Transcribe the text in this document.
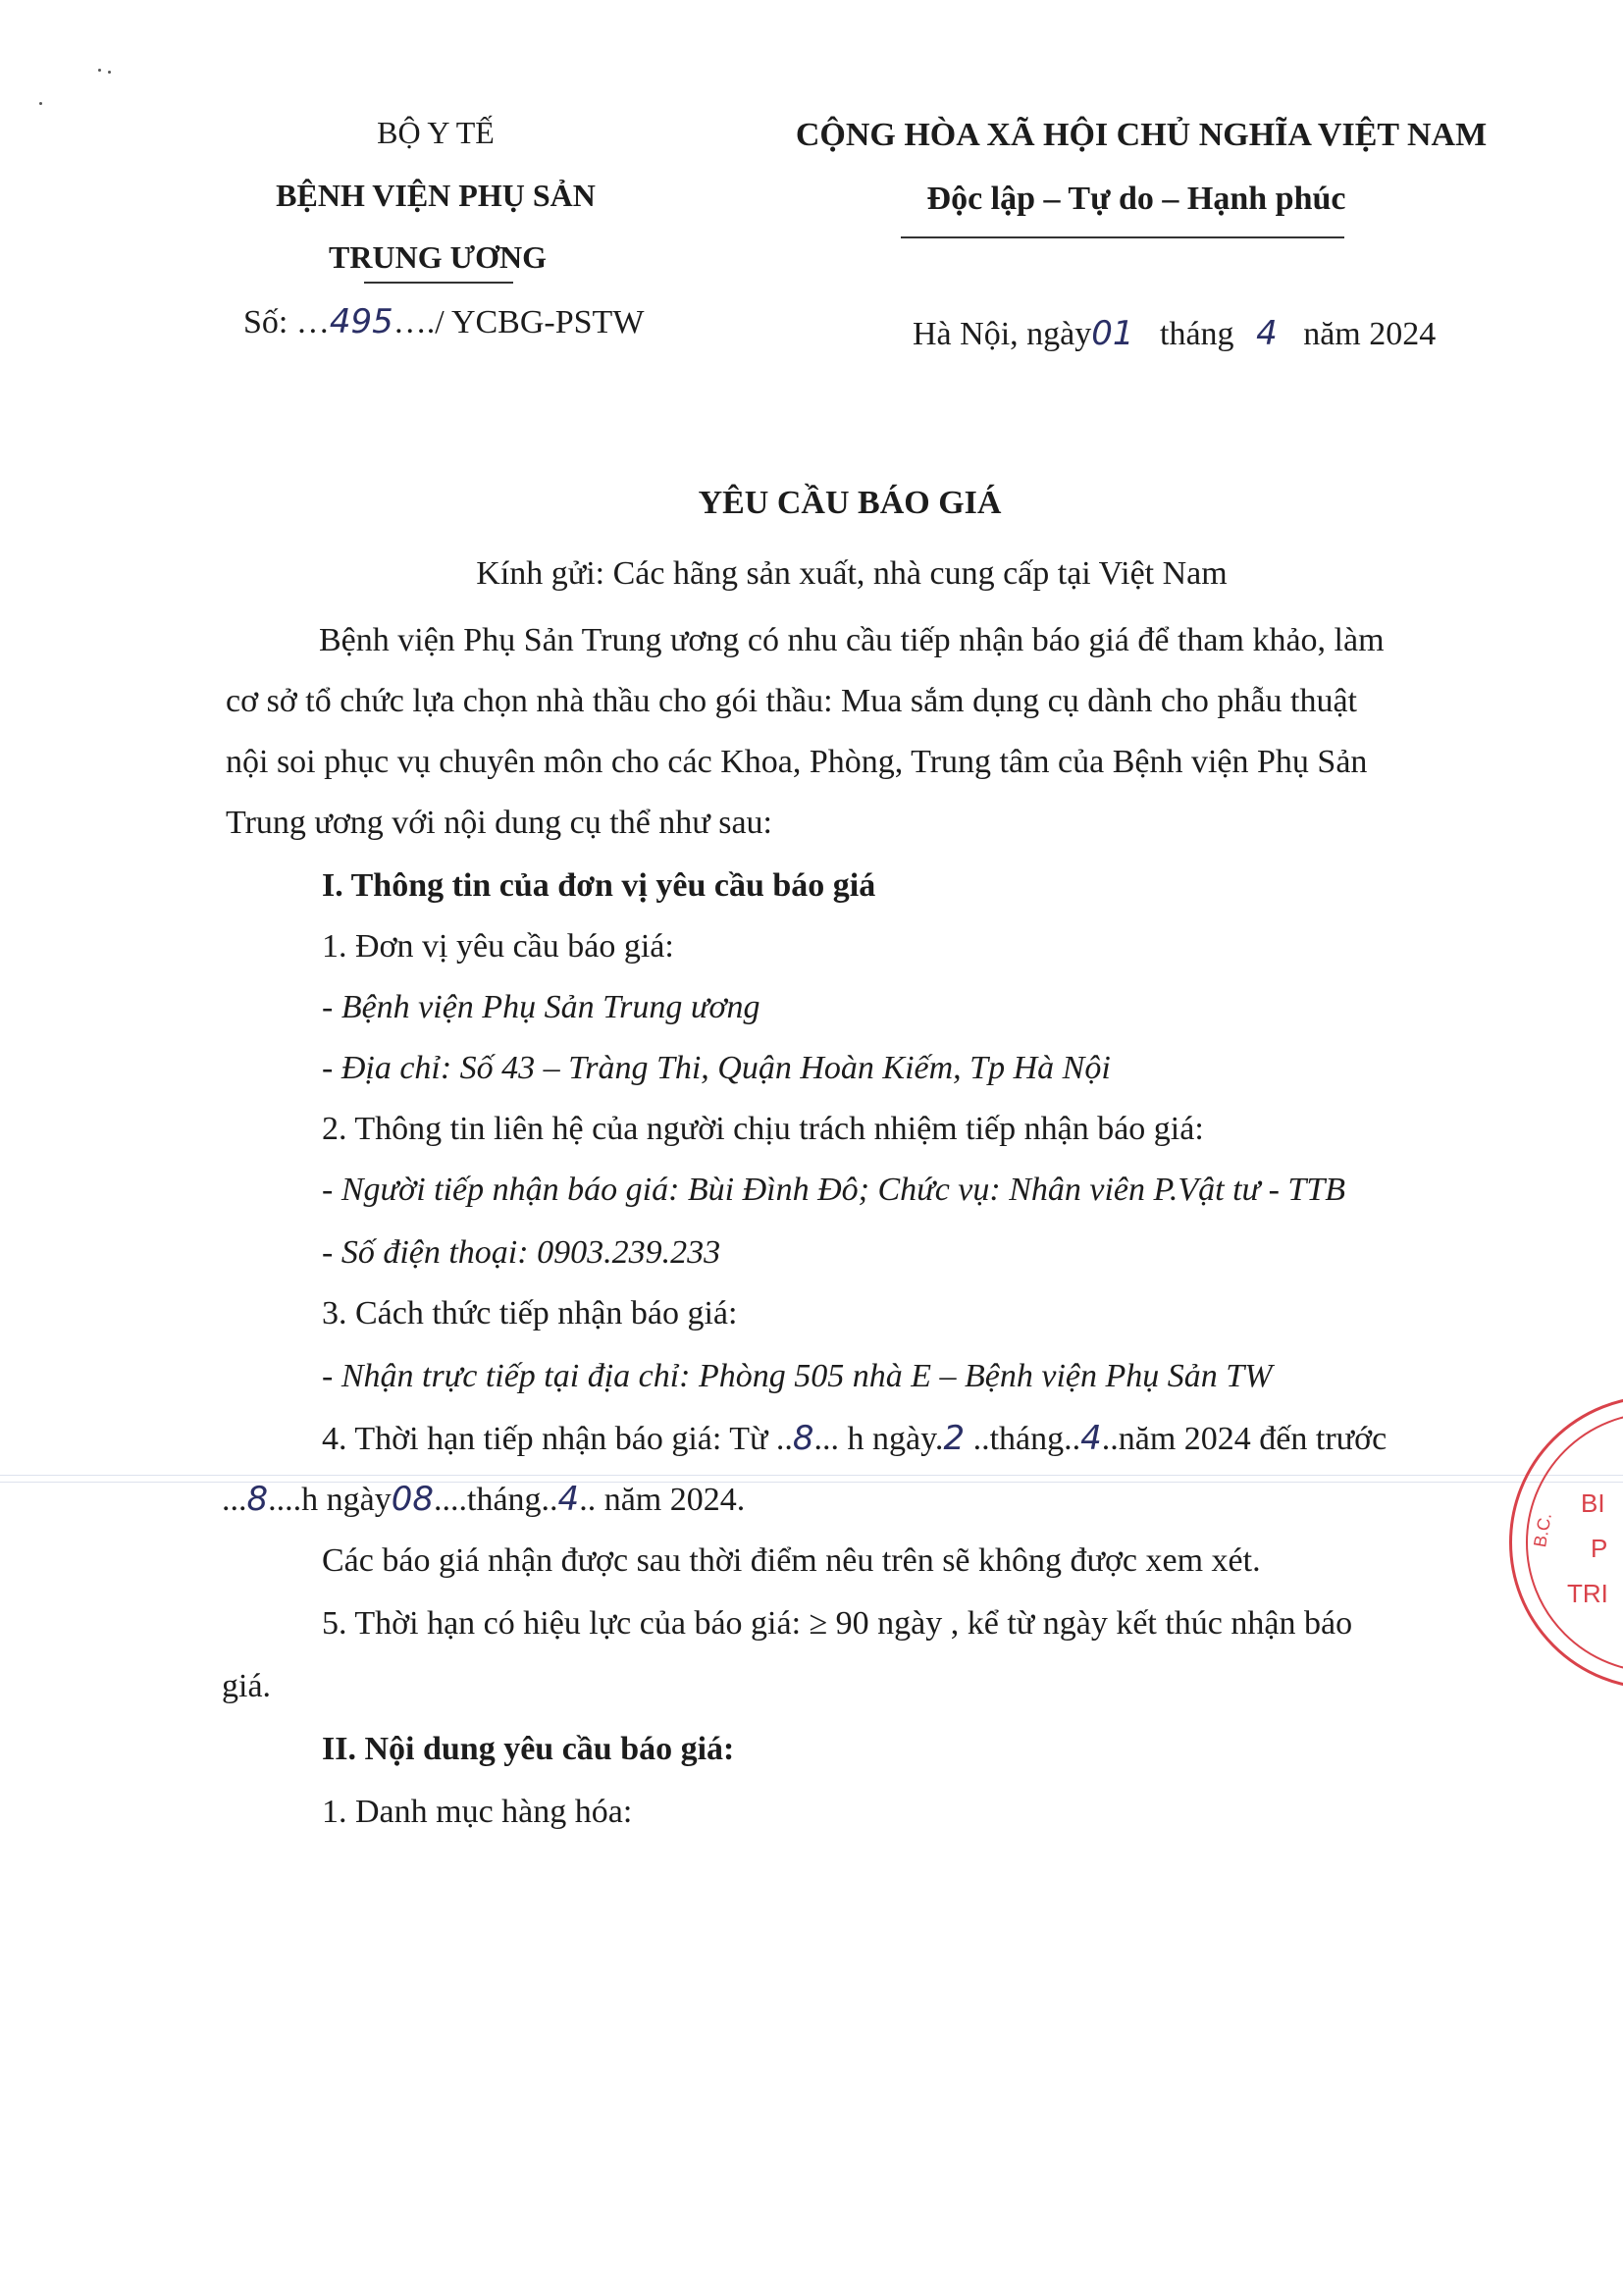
BỘ Y TẾ
BỆNH VIỆN PHỤ SẢN
TRUNG ƯƠNG
Số: …495…./ YCBG-PSTW
CỘNG HÒA XÃ HỘI CHỦ NGHĨA VIỆT NAM
Độc lập – Tự do – Hạnh phúc
Hà Nội, ngày01 tháng 4 năm 2024
YÊU CẦU BÁO GIÁ
Kính gửi: Các hãng sản xuất, nhà cung cấp tại Việt Nam
Bệnh viện Phụ Sản Trung ương có nhu cầu tiếp nhận báo giá để tham khảo, làm
cơ sở tổ chức lựa chọn nhà thầu cho gói thầu: Mua sắm dụng cụ dành cho phẫu thuật
nội soi phục vụ chuyên môn cho các Khoa, Phòng, Trung tâm của Bệnh viện Phụ Sản
Trung ương với nội dung cụ thể như sau:
I. Thông tin của đơn vị yêu cầu báo giá
1. Đơn vị yêu cầu báo giá:
- Bệnh viện Phụ Sản Trung ương
- Địa chỉ: Số 43 – Tràng Thi, Quận Hoàn Kiếm, Tp Hà Nội
2. Thông tin liên hệ của người chịu trách nhiệm tiếp nhận báo giá:
- Người tiếp nhận báo giá: Bùi Đình Đô; Chức vụ: Nhân viên P.Vật tư - TTB
- Số điện thoại: 0903.239.233
3. Cách thức tiếp nhận báo giá:
- Nhận trực tiếp tại địa chỉ: Phòng 505 nhà E – Bệnh viện Phụ Sản TW
4. Thời hạn tiếp nhận báo giá: Từ ..8... h ngày.2 ..tháng..4..năm 2024 đến trước
...8....h ngày08....tháng..4.. năm 2024.
Các báo giá nhận được sau thời điểm nêu trên sẽ không được xem xét.
5. Thời hạn có hiệu lực của báo giá: ≥ 90 ngày , kể từ ngày kết thúc nhận báo
giá.
II. Nội dung yêu cầu báo giá:
1. Danh mục hàng hóa:
BI
P
TRI
B.C.
